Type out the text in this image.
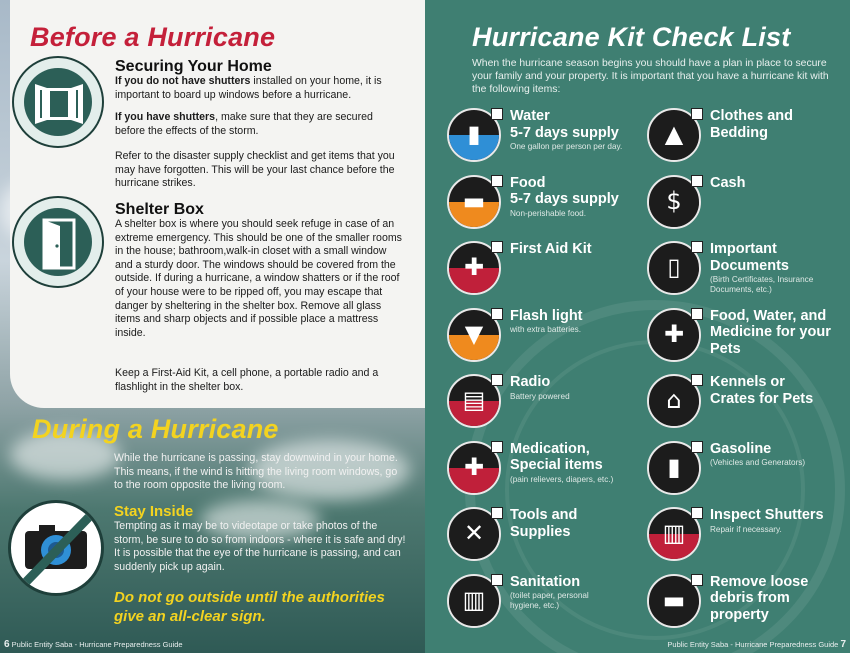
Before a Hurricane
Securing Your Home
If you do not have shutters installed on your home, it is important to board up windows before a hurricane.
If you have shutters, make sure that they are secured before the effects of the storm.
Refer to the disaster supply checklist and get items that you may have forgotten. This will be your last chance before the hurricane strikes.
Shelter Box
A shelter box is where you should seek refuge in case of an extreme emergency. This should be one of the smaller rooms in the house; bathroom,walk-in closet with a small window and a sturdy door. The windows should be covered from the outside. If during a hurricane, a window shatters or if the roof of your house were to be ripped off, you may escape that danger by sheltering in the shelter box. Remove all glass items and sharp objects and if possible place a mattress inside.
Keep a First-Aid Kit, a cell phone, a portable radio and a flashlight in the shelter box.
During a Hurricane
While the hurricane is passing, stay downwind in your home. This means, if the wind is hitting the living room windows, go to the room opposite the living room.
Stay Inside
Tempting as it may be to videotape or take photos of the storm, be sure to do so from indoors - where it is safe and dry! It is possible that the eye of the hurricane is passing, and can suddenly pick up again.
Do not go outside until the authorities give an all-clear sign.
6 Public Entity Saba - Hurricane Preparedness Guide
Hurricane Kit Check List
When the hurricane season begins you should have a plan in place to secure your family and your property. It is important that you have a hurricane kit with the following items:
▮
Water
5-7 days supply
One gallon per person per day.
▬
Food
5-7 days supply
Non-perishable food.
✚
First Aid Kit
▼
Flash light
with extra batteries.
▤
Radio
Battery powered
✚
Medication,
Special items
(pain relievers, diapers, etc.)
✕
Tools and
Supplies
▥
Sanitation
(toilet paper, personal
hygiene, etc.)
▲
Clothes and
Bedding
$
Cash
▯
Important
Documents
(Birth Certificates, Insurance
Documents, etc.)
✚
Food, Water, and
Medicine for your
Pets
⌂
Kennels or
Crates for Pets
▮
Gasoline
(Vehicles and Generators)
▥
Inspect Shutters
Repair if necessary.
▬
Remove loose
debris from
property
Public Entity Saba - Hurricane Preparedness Guide 7
